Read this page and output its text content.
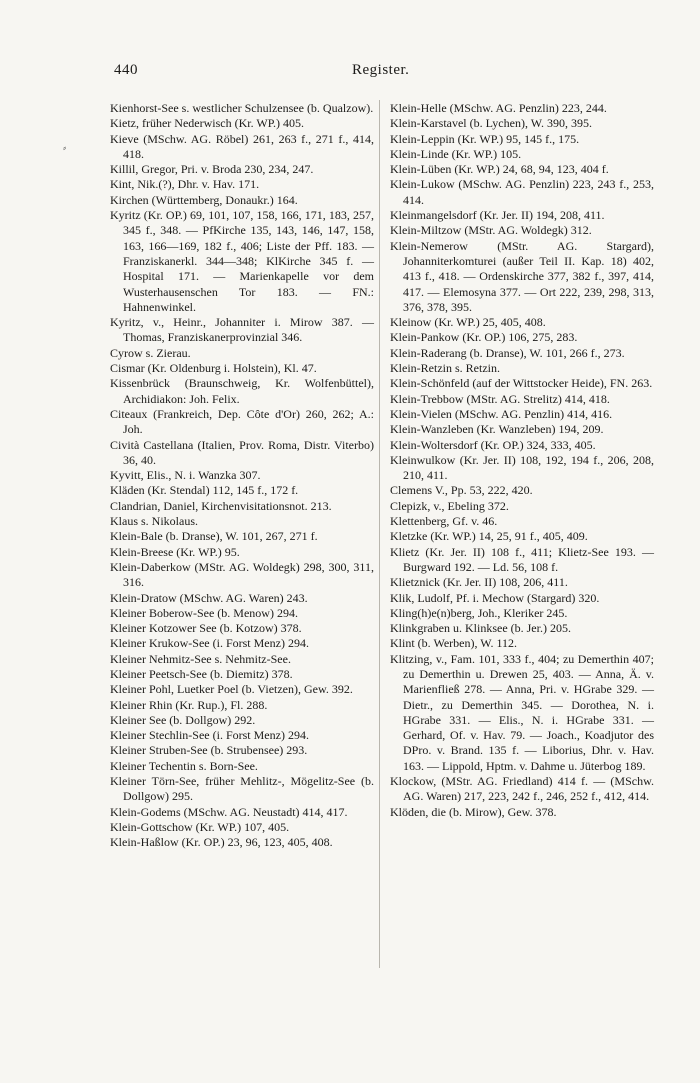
440	Register.
⸗

Kienhorst-See s. westlicher Schulzensee (b. Qualzow).

Kietz, früher Nederwisch (Kr. WP.) 405.

Kieve (MSchw. AG. Röbel) 261, 263 f., 271 f., 414, 418.

Killil, Gregor, Pri. v. Broda 230, 234, 247.

Kint, Nik.(?), Dhr. v. Hav. 171.

Kirchen (Württemberg, Donaukr.) 164.

Kyritz (Kr. OP.) 69, 101, 107, 158, 166, 171, 183, 257, 345 f., 348. — PfKirche 135, 143, 146, 147, 158, 163, 166—169, 182 f., 406; Liste der Pff. 183. — Franziskanerkl. 344—348; KlKirche 345 f. — Hospital 171. — Marienkapelle vor dem Wusterhausenschen Tor 183. — FN.: Hahnenwinkel.

Kyritz, v., Heinr., Johanniter i. Mirow 387. — Thomas, Franziskanerprovinzial 346.

Cyrow s. Zierau.

Cismar (Kr. Oldenburg i. Holstein), Kl. 47.

Kissenbrück (Braunschweig, Kr. Wolfenbüttel), Archidiakon: Joh. Felix.

Citeaux (Frankreich, Dep. Côte d'Or) 260, 262; A.: Joh.

Cività Castellana (Italien, Prov. Roma, Distr. Viterbo) 36, 40.

Kyvitt, Elis., N. i. Wanzka 307.

Kläden (Kr. Stendal) 112, 145 f., 172 f.

Clandrian, Daniel, Kirchenvisitationsnot. 213.

Klaus s. Nikolaus.

Klein-Bale (b. Dranse), W. 101, 267, 271 f.

Klein-Breese (Kr. WP.) 95.

Klein-Daberkow (MStr. AG. Woldegk) 298, 300, 311, 316.

Klein-Dratow (MSchw. AG. Waren) 243.

Kleiner Boberow-See (b. Menow) 294.

Kleiner Kotzower See (b. Kotzow) 378.

Kleiner Krukow-See (i. Forst Menz) 294.

Kleiner Nehmitz-See s. Nehmitz-See.

Kleiner Peetsch-See (b. Diemitz) 378.

Kleiner Pohl, Luetker Poel (b. Vietzen), Gew. 392.

Kleiner Rhin (Kr. Rup.), Fl. 288.

Kleiner See (b. Dollgow) 292.

Kleiner Stechlin-See (i. Forst Menz) 294.

Kleiner Struben-See (b. Strubensee) 293.

Kleiner Techentin s. Born-See.

Kleiner Törn-See, früher Mehlitz-, Mögelitz-See (b. Dollgow) 295.

Klein-Godems (MSchw. AG. Neustadt) 414, 417.

Klein-Gottschow (Kr. WP.) 107, 405.

Klein-Haßlow (Kr. OP.) 23, 96, 123, 405, 408.

Klein-Helle (MSchw. AG. Penzlin) 223, 244.

Klein-Karstavel (b. Lychen), W. 390, 395.

Klein-Leppin (Kr. WP.) 95, 145 f., 175.

Klein-Linde (Kr. WP.) 105.

Klein-Lüben (Kr. WP.) 24, 68, 94, 123, 404 f.

Klein-Lukow (MSchw. AG. Penzlin) 223, 243 f., 253, 414.

Kleinmangelsdorf (Kr. Jer. II) 194, 208, 411.

Klein-Miltzow (MStr. AG. Woldegk) 312.

Klein-Nemerow (MStr. AG. Stargard), Johanniterkomturei (außer Teil II. Kap. 18) 402, 413 f., 418. — Ordenskirche 377, 382 f., 397, 414, 417. — Elemosyna 377. — Ort 222, 239, 298, 313, 376, 378, 395.

Kleinow (Kr. WP.) 25, 405, 408.

Klein-Pankow (Kr. OP.) 106, 275, 283.

Klein-Raderang (b. Dranse), W. 101, 266 f., 273.

Klein-Retzin s. Retzin.

Klein-Schönfeld (auf der Wittstocker Heide), FN. 263.

Klein-Trebbow (MStr. AG. Strelitz) 414, 418.

Klein-Vielen (MSchw. AG. Penzlin) 414, 416.

Klein-Wanzleben (Kr. Wanzleben) 194, 209.

Klein-Woltersdorf (Kr. OP.) 324, 333, 405.

Kleinwulkow (Kr. Jer. II) 108, 192, 194 f., 206, 208, 210, 411.

Clemens V., Pp. 53, 222, 420.

Clepizk, v., Ebeling 372.

Klettenberg, Gf. v. 46.

Kletzke (Kr. WP.) 14, 25, 91 f., 405, 409.

Klietz (Kr. Jer. II) 108 f., 411; Klietz-See 193. — Burgward 192. — Ld. 56, 108 f.

Klietznick (Kr. Jer. II) 108, 206, 411.

Klik, Ludolf, Pf. i. Mechow (Stargard) 320.

Kling(h)e(n)berg, Joh., Kleriker 245.

Klinkgraben u. Klinksee (b. Jer.) 205.

Klint (b. Werben), W. 112.

Klitzing, v., Fam. 101, 333 f., 404; zu Demerthin 407; zu Demerthin u. Drewen 25, 403. — Anna, Ä. v. Marienfließ 278. — Anna, Pri. v. HGrabe 329. — Dietr., zu Demerthin 345. — Dorothea, N. i. HGrabe 331. — Elis., N. i. HGrabe 331. — Gerhard, Of. v. Hav. 79. — Joach., Koadjutor des DPro. v. Brand. 135 f. — Liborius, Dhr. v. Hav. 163. — Lippold, Hptm. v. Dahme u. Jüterbog 189.

Klockow, (MStr. AG. Friedland) 414 f. — (MSchw. AG. Waren) 217, 223, 242 f., 246, 252 f., 412, 414.

Klöden, die (b. Mirow), Gew. 378.
